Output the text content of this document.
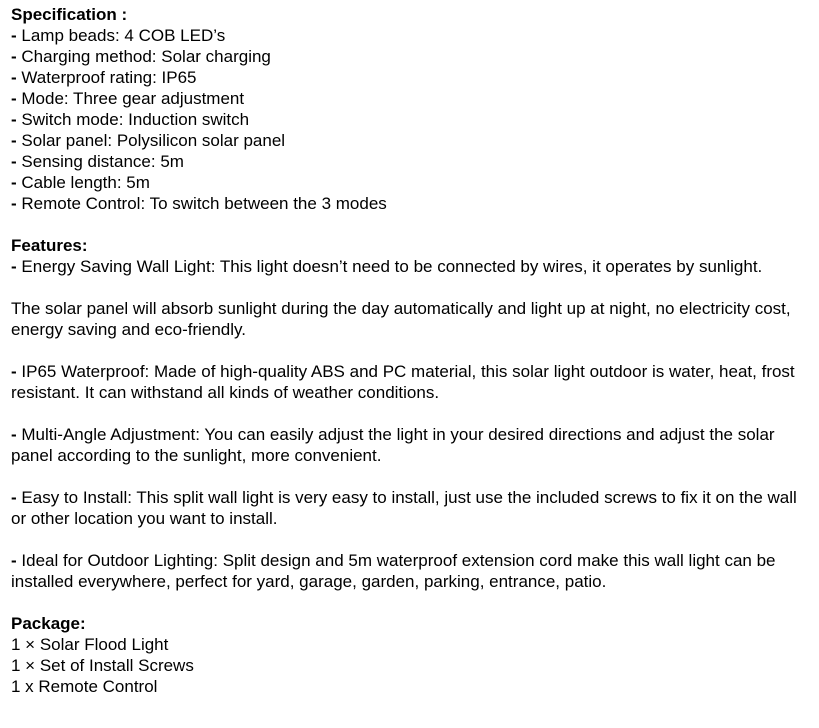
Specification :
- Lamp beads: 4 COB LED’s
- Charging method: Solar charging
- Waterproof rating: IP65
- Mode: Three gear adjustment
- Switch mode: Induction switch
- Solar panel: Polysilicon solar panel
- Sensing distance: 5m
- Cable length: 5m
- Remote Control: To switch between the 3 modes
Features:
- Energy Saving Wall Light: This light doesn’t need to be connected by wires, it operates by sunlight.
The solar panel will absorb sunlight during the day automatically and light up at night, no electricity cost, energy saving and eco-friendly.
- IP65 Waterproof: Made of high-quality ABS and PC material, this solar light outdoor is water, heat, frost resistant. It can withstand all kinds of weather conditions.
- Multi-Angle Adjustment: You can easily adjust the light in your desired directions and adjust the solar panel according to the sunlight, more convenient.
- Easy to Install: This split wall light is very easy to install, just use the included screws to fix it on the wall or other location you want to install.
- Ideal for Outdoor Lighting: Split design and 5m waterproof extension cord make this wall light can be installed everywhere, perfect for yard, garage, garden, parking, entrance, patio.
Package:
1 × Solar Flood Light
1 × Set of Install Screws
1 x Remote Control
